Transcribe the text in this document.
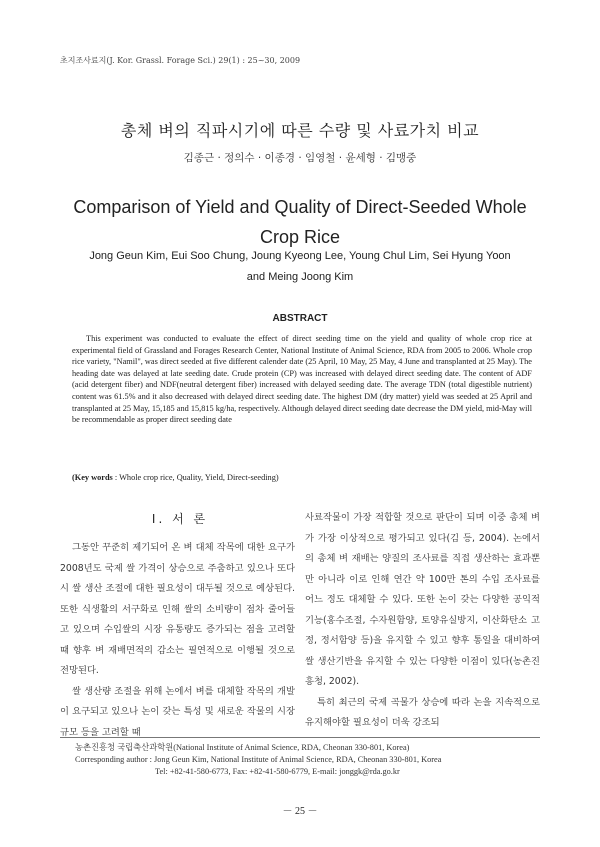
초지조사료지(J. Kor. Grassl. Forage Sci.) 29(1) : 25~30, 2009
총체 벼의 직파시기에 따른 수량 및 사료가치 비교
김종근 · 정의수 · 이종경 · 임영철 · 윤세형 · 김맹중
Comparison of Yield and Quality of Direct-Seeded Whole
Crop Rice
Jong Geun Kim, Eui Soo Chung, Joung Kyeong Lee, Young Chul Lim, Sei Hyung Yoon
and Meing Joong Kim
ABSTRACT

This experiment was conducted to evaluate the effect of direct seeding time on the yield and quality of whole crop rice at experimental field of Grassland and Forages Research Center, National Institute of Animal Science, RDA from 2005 to 2006. Whole crop rice variety, "Namil", was direct seeded at five different calender date (25 April, 10 May, 25 May, 4 June and transplanted at 25 May). The heading date was delayed at late seeding date. Crude protein (CP) was increased with delayed direct seeding date. The content of ADF (acid detergent fiber) and NDF(neutral detergent fiber) increased with delayed seeding date. The average TDN (total digestible nutrient) content was 61.5% and it also decreased with delayed direct seeding date. The highest DM (dry matter) yield was seeded at 25 April and transplanted at 25 May, 15,185 and 15,815 kg/ha, respectively. Although delayed direct seeding date decrease the DM yield, mid-May will be recommendable as proper direct seeding date

(Key words : Whole crop rice, Quality, Yield, Direct-seeding)
I. 서 론

그동안 꾸준히 제기되어 온 벼 대체 작목에 대한 요구가 2008년도 국제 쌀 가격이 상승으로 주춤하고 있으나 또다시 쌀 생산 조절에 대한 필요성이 대두될 것으로 예상된다. 또한 식생활의 서구화로 인해 쌀의 소비량이 점차 줄어들고 있으며 수입쌀의 시장 유통량도 증가되는 점을 고려할 때 향후 벼 재배면적의 감소는 필연적으로 이행될 것으로 전망된다.

쌀 생산량 조절을 위해 논에서 벼를 대체할 작목의 개발이 요구되고 있으나 논이 갖는 특성 및 새로운 작물의 시장규모 등을 고려할 때

사료작물이 가장 적합할 것으로 판단이 되며 이중 총체 벼가 가장 이상적으로 평가되고 있다(김 등, 2004). 논에서의 총체 벼 재배는 양질의 조사료를 직접 생산하는 효과뿐만 아니라 이로 인해 연간 약 100만 톤의 수입 조사료를 어느 정도 대체할 수 있다. 또한 논이 갖는 다양한 공익적 기능(홍수조절, 수자원함양, 토양유실방지, 이산화탄소 고정, 정서함양 등)을 유지할 수 있고 향후 통일을 대비하여 쌀 생산기반을 유지할 수 있는 다양한 이점이 있다(농촌진흥청, 2002).

특히 최근의 국제 곡물가 상승에 따라 논을 지속적으로 유지해야할 필요성이 더욱 강조되

농촌진흥청 국립축산과학원(National Institute of Animal Science, RDA, Cheonan 330-801, Korea)
Corresponding author : Jong Geun Kim, National Institute of Animal Science, RDA, Cheonan 330-801, Korea
Tel: +82-41-580-6773, Fax: +82-41-580-6779, E-mail: jonggk@rda.go.kr
－ 25 －
